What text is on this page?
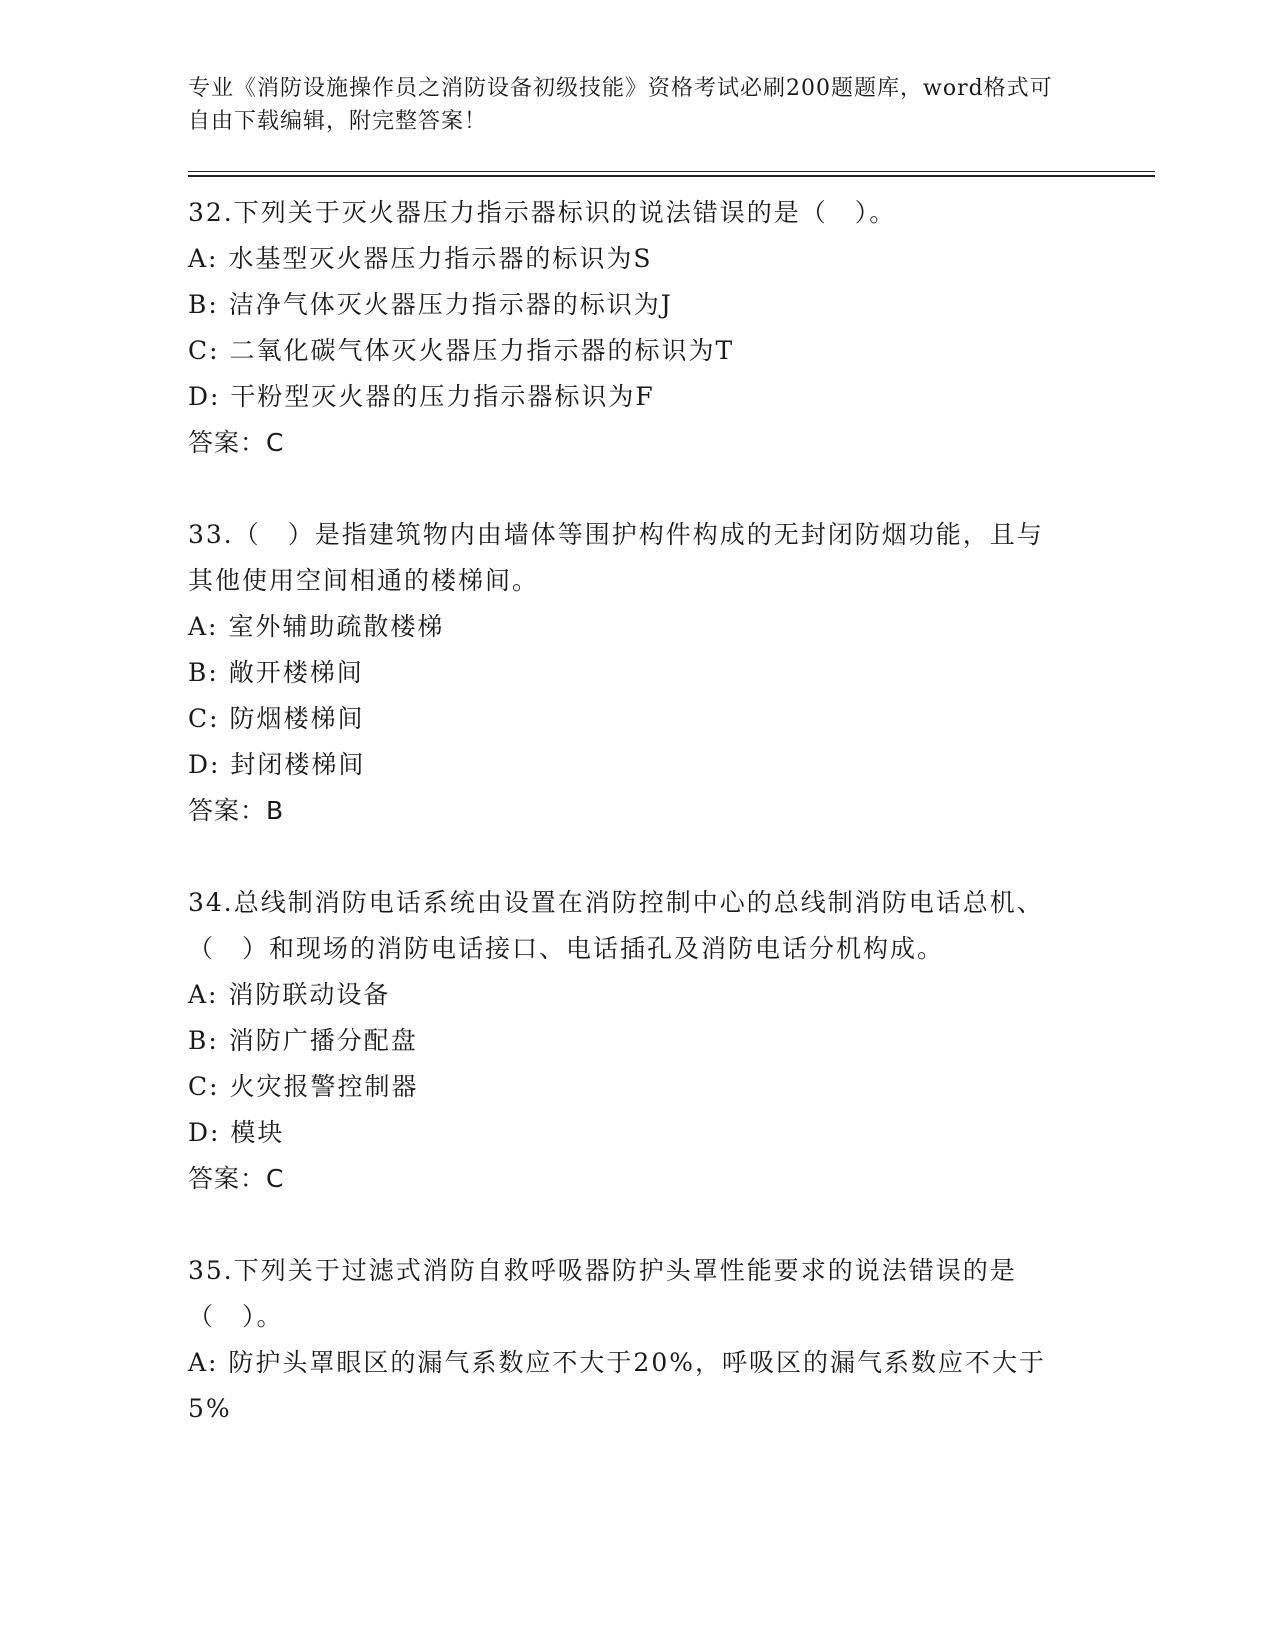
专业《消防设施操作员之消防设备初级技能》资格考试必刷200题题库，word格式可自由下载编辑，附完整答案！
32.下列关于灭火器压力指示器标识的说法错误的是（　）。
A: 水基型灭火器压力指示器的标识为S
B: 洁净气体灭火器压力指示器的标识为J
C: 二氧化碳气体灭火器压力指示器的标识为T
D: 干粉型灭火器的压力指示器标识为F
答案：C
33.（　）是指建筑物内由墙体等围护构件构成的无封闭防烟功能，且与其他使用空间相通的楼梯间。
A: 室外辅助疏散楼梯
B: 敞开楼梯间
C: 防烟楼梯间
D: 封闭楼梯间
答案：B
34.总线制消防电话系统由设置在消防控制中心的总线制消防电话总机、（　）和现场的消防电话接口、电话插孔及消防电话分机构成。
A: 消防联动设备
B: 消防广播分配盘
C: 火灾报警控制器
D: 模块
答案：C
35.下列关于过滤式消防自救呼吸器防护头罩性能要求的说法错误的是（　）。
A: 防护头罩眼区的漏气系数应不大于20%，呼吸区的漏气系数应不大于5%
